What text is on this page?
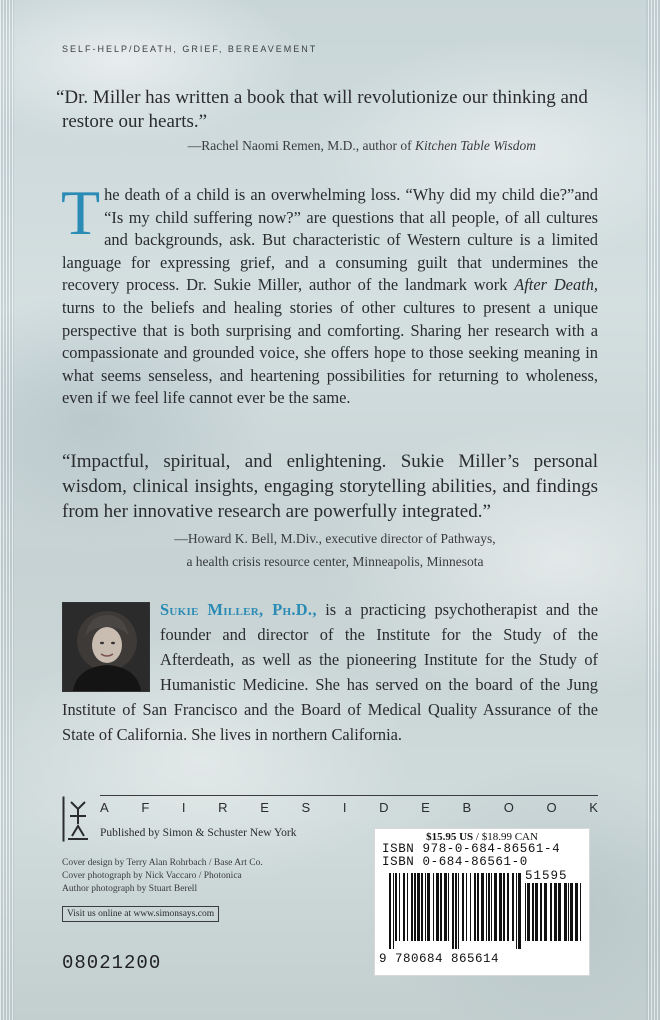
SELF-HELP/DEATH, GRIEF, BEREAVEMENT

“Dr. Miller has written a book that will revolutionize our thinking and restore our hearts.”

—Rachel Naomi Remen, M.D., author of Kitchen Table Wisdom

The death of a child is an overwhelming loss. “Why did my child die?”and “Is my child suffering now?” are questions that all people, of all cultures and backgrounds, ask. But characteristic of Western culture is a limited language for expressing grief, and a consuming guilt that undermines the recovery process. Dr. Sukie Miller, author of the landmark work After Death, turns to the beliefs and healing stories of other cultures to present a unique perspective that is both surprising and comforting. Sharing her research with a compassionate and grounded voice, she offers hope to those seeking meaning in what seems senseless, and heartening possibilities for returning to wholeness, even if we feel life cannot ever be the same.

“Impactful, spiritual, and enlightening. Sukie Miller’s personal wisdom, clinical insights, engaging storytelling abilities, and findings from her innovative research are powerfully integrated.”

—Howard K. Bell, M.Div., executive director of Pathways,
a health crisis resource center, Minneapolis, Minnesota

Sukie Miller, Ph.D., is a practicing psychotherapist and the founder and director of the Institute for the Study of the Afterdeath, as well as the pioneering Institute for the Study of Humanistic Medicine. She has served on the board of the Jung Institute of San Francisco and the Board of Medical Quality Assurance of the State of California. She lives in northern California.

A	F	I	R	E	S	I	D	E	B	O	O	K
Published by Simon & Schuster New York
Cover design by Terry Alan Rohrbach / Base Art Co.
Cover photograph by Nick Vaccaro / Photonica
Author photograph by Stuart Berell
Visit us online at www.simonsays.com
08021200
$15.95 US / $18.99 CAN
ISBN 978-0-684-86561-4
ISBN 0-684-86561-0
51595
9 780684 865614
